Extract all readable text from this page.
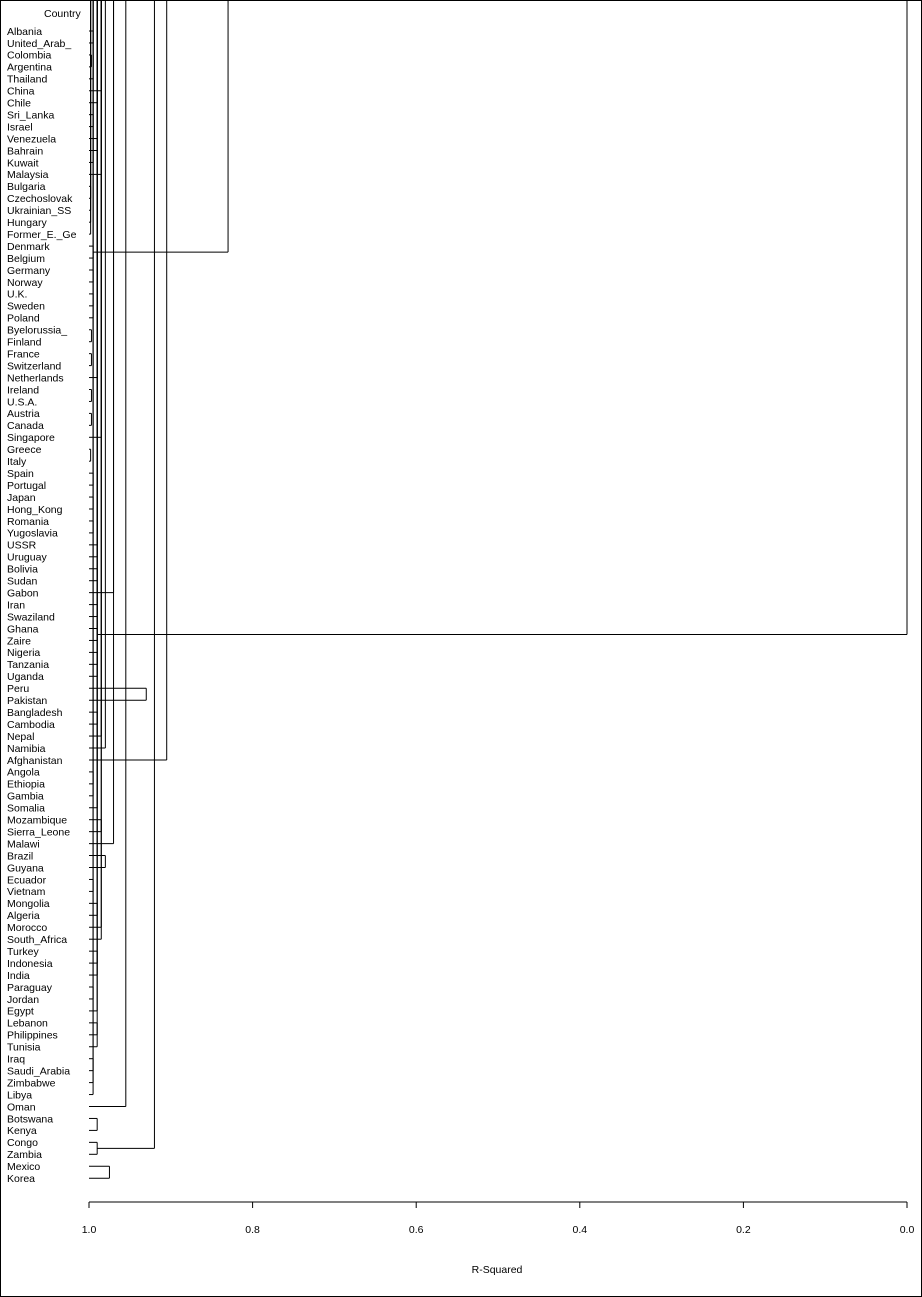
Country
R-Squared
Albania
United_Arab_
Colombia
Argentina
Thailand
China
Chile
Sri_Lanka
Israel
Venezuela
Bahrain
Kuwait
Malaysia
Bulgaria
Czechoslovak
Ukrainian_SS
Hungary
Former_E._Ge
Denmark
Belgium
Germany
Norway
U.K.
Sweden
Poland
Byelorussia_
Finland
France
Switzerland
Netherlands
Ireland
U.S.A.
Austria
Canada
Singapore
Greece
Italy
Spain
Portugal
Japan
Hong_Kong
Romania
Yugoslavia
USSR
Uruguay
Bolivia
Sudan
Gabon
Iran
Swaziland
Ghana
Zaire
Nigeria
Tanzania
Uganda
Peru
Pakistan
Bangladesh
Cambodia
Nepal
Namibia
Afghanistan
Angola
Ethiopia
Gambia
Somalia
Mozambique
Sierra_Leone
Malawi
Brazil
Guyana
Ecuador
Vietnam
Mongolia
Algeria
Morocco
South_Africa
Turkey
Indonesia
India
Paraguay
Jordan
Egypt
Lebanon
Philippines
Tunisia
Iraq
Saudi_Arabia
Zimbabwe
Libya
Oman
Botswana
Kenya
Congo
Zambia
Mexico
Korea
1.0	0.8	0.6	0.4	0.2	0.0
